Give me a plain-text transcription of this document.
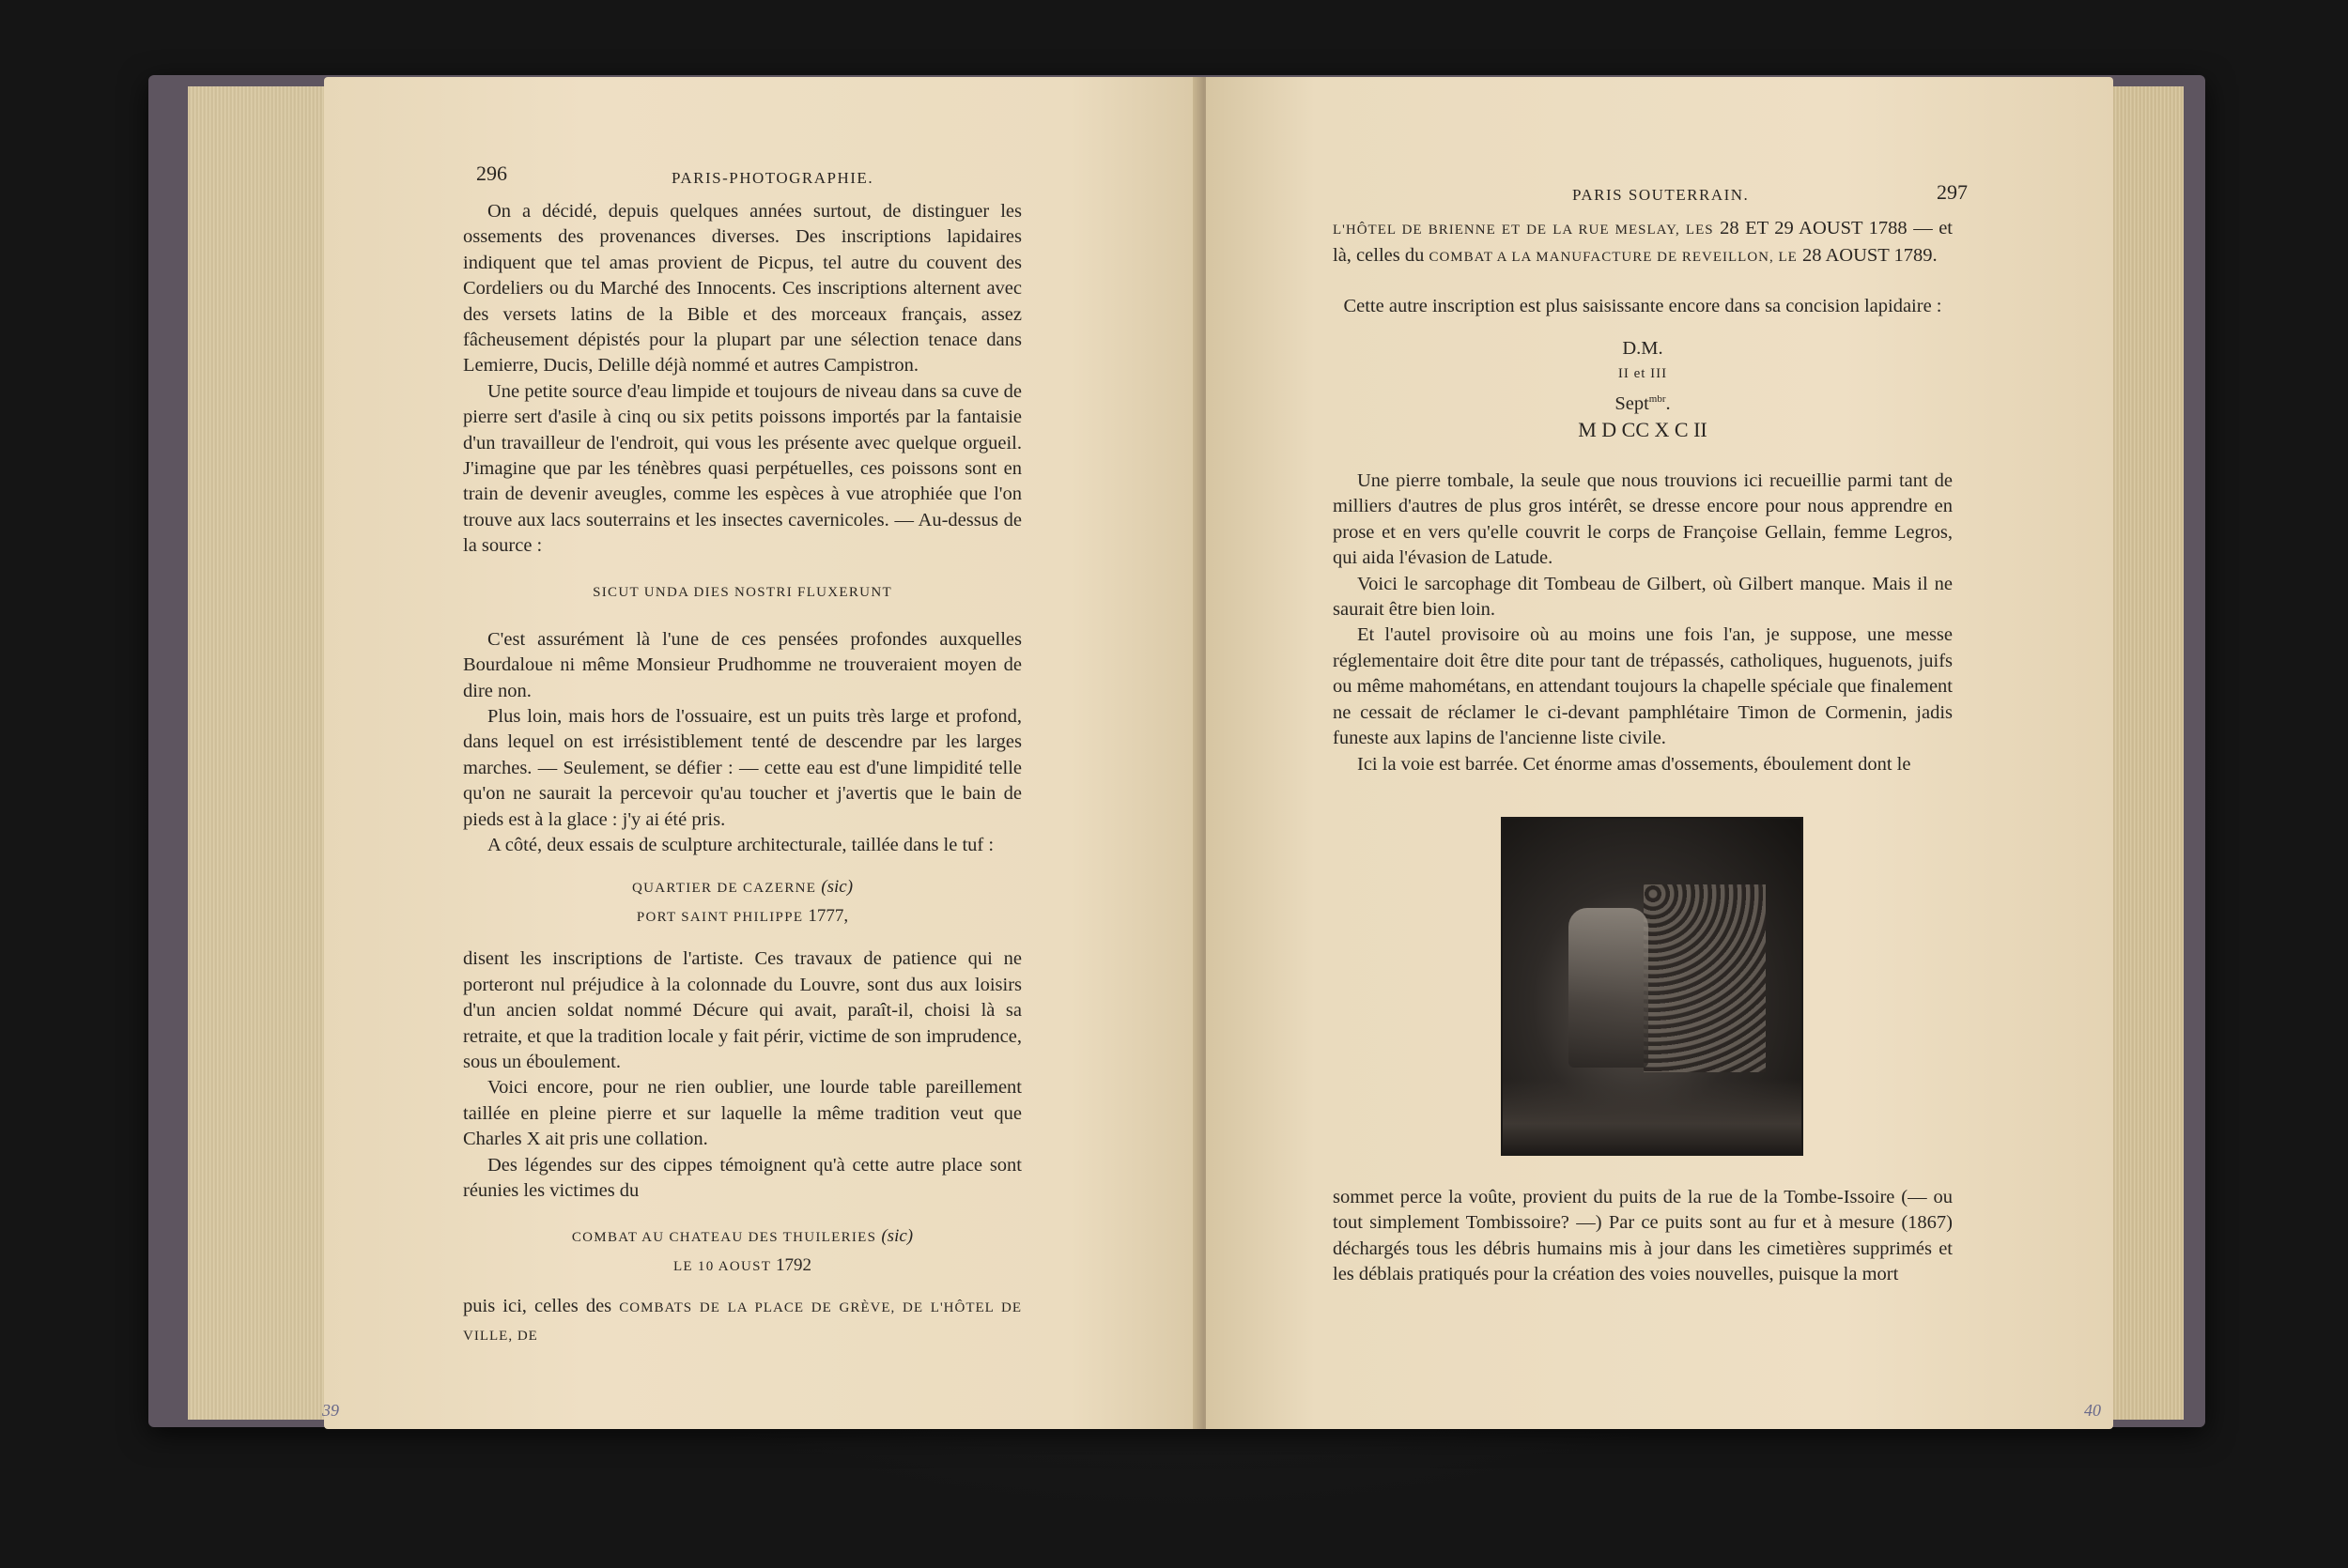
296	PARIS-PHOTOGRAPHIE.

On a décidé, depuis quelques années surtout, de distinguer les ossements des provenances diverses. Des inscriptions lapidaires indiquent que tel amas provient de Picpus, tel autre du couvent des Cordeliers ou du Marché des Innocents. Ces inscriptions alternent avec des versets latins de la Bible et des morceaux français, assez fâcheusement dépistés pour la plupart par une sélection tenace dans Lemierre, Ducis, Delille déjà nommé et autres Campistron.

Une petite source d'eau limpide et toujours de niveau dans sa cuve de pierre sert d'asile à cinq ou six petits poissons importés par la fantaisie d'un travailleur de l'endroit, qui vous les présente avec quelque orgueil. J'imagine que par les ténèbres quasi perpétuelles, ces poissons sont en train de devenir aveugles, comme les espèces à vue atrophiée que l'on trouve aux lacs souterrains et les insectes cavernicoles. — Au-dessus de la source :

SICUT UNDA DIES NOSTRI FLUXERUNT

C'est assurément là l'une de ces pensées profondes auxquelles Bourdaloue ni même Monsieur Prudhomme ne trouveraient moyen de dire non.

Plus loin, mais hors de l'ossuaire, est un puits très large et profond, dans lequel on est irrésistiblement tenté de descendre par les larges marches. — Seulement, se défier : — cette eau est d'une limpidité telle qu'on ne saurait la percevoir qu'au toucher et j'avertis que le bain de pieds est à la glace : j'y ai été pris.

A côté, deux essais de sculpture architecturale, taillée dans le tuf :

QUARTIER DE CAZERNE (sic)
PORT SAINT PHILIPPE 1777,

disent les inscriptions de l'artiste. Ces travaux de patience qui ne porteront nul préjudice à la colonnade du Louvre, sont dus aux loisirs d'un ancien soldat nommé Décure qui avait, paraît-il, choisi là sa retraite, et que la tradition locale y fait périr, victime de son imprudence, sous un éboulement.

Voici encore, pour ne rien oublier, une lourde table pareillement taillée en pleine pierre et sur laquelle la même tradition veut que Charles X ait pris une collation.

Des légendes sur des cippes témoignent qu'à cette autre place sont réunies les victimes du

COMBAT AU CHATEAU DES THUILERIES (sic)
LE 10 AOUST 1792

puis ici, celles des COMBATS DE LA PLACE DE GRÈVE, DE L'HÔTEL DE VILLE, DE

39
PARIS SOUTERRAIN.	297

L'HÔTEL DE BRIENNE ET DE LA RUE MESLAY, LES 28 ET 29 AOUST 1788 — et là, celles du COMBAT A LA MANUFACTURE DE REVEILLON, LE 28 AOUST 1789.

Cette autre inscription est plus saisissante encore dans sa concision lapidaire :

D.M.
II et III
Sept$^{mbr}$.
M D CC X C II

Une pierre tombale, la seule que nous trouvions ici recueillie parmi tant de milliers d'autres de plus gros intérêt, se dresse encore pour nous apprendre en prose et en vers qu'elle couvrit le corps de Françoise Gellain, femme Legros, qui aida l'évasion de Latude.

Voici le sarcophage dit Tombeau de Gilbert, où Gilbert manque. Mais il ne saurait être bien loin.

Et l'autel provisoire où au moins une fois l'an, je suppose, une messe réglementaire doit être dite pour tant de trépassés, catholiques, huguenots, juifs ou même mahométans, en attendant toujours la chapelle spéciale que finalement ne cessait de réclamer le ci-devant pamphlétaire Timon de Cormenin, jadis funeste aux lapins de l'ancienne liste civile.

Ici la voie est barrée. Cet énorme amas d'ossements, éboulement dont le

sommet perce la voûte, provient du puits de la rue de la Tombe-Issoire (— ou tout simplement Tombissoire? —) Par ce puits sont au fur et à mesure (1867) déchargés tous les débris humains mis à jour dans les cimetières supprimés et les déblais pratiqués pour la création des voies nouvelles, puisque la mort

40
